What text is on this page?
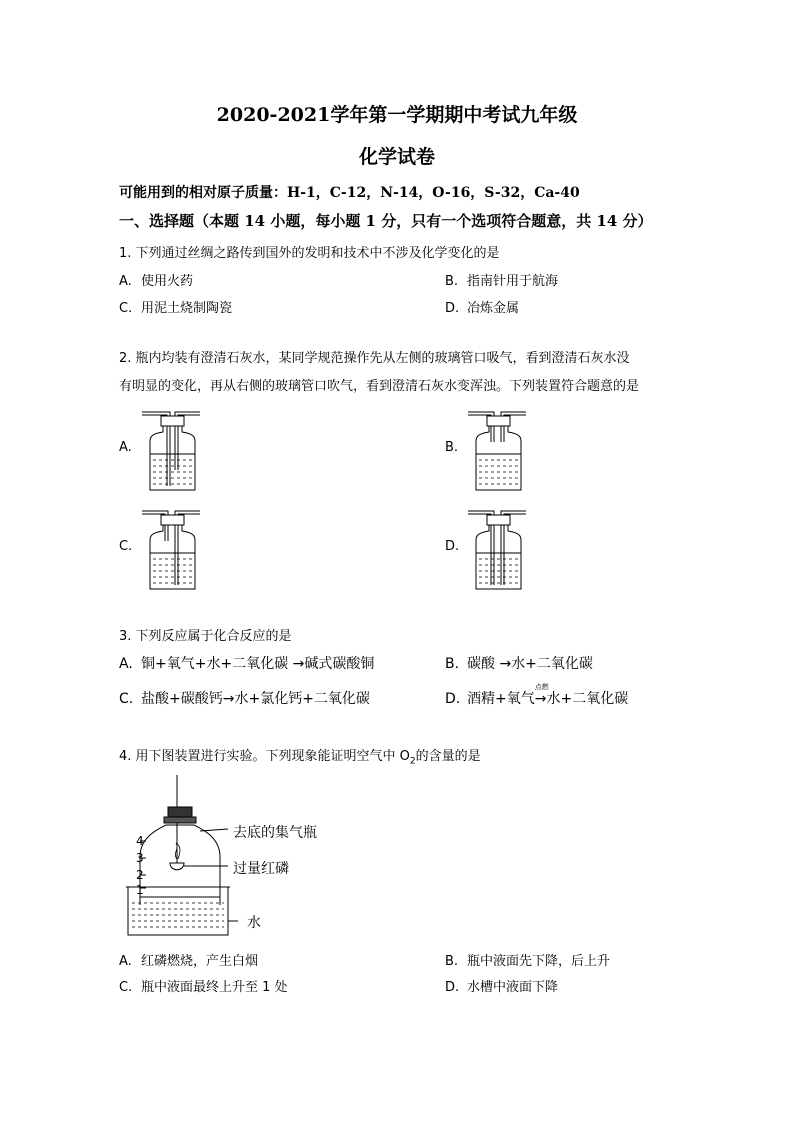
2020-2021学年第一学期期中考试九年级
化学试卷
可能用到的相对原子质量：H-1，C-12，N-14，O-16，S-32，Ca-40
一、选择题（本题 14 小题，每小题 1 分，只有一个选项符合题意，共 14 分）
1. 下列通过丝绸之路传到国外的发明和技术中不涉及化学变化的是
A. 使用火药	B. 指南针用于航海
C. 用泥土烧制陶瓷	D. 冶炼金属
2. 瓶内均装有澄清石灰水，某同学规范操作先从左侧的玻璃管口吸气，看到澄清石灰水没
有明显的变化，再从右侧的玻璃管口吹气，看到澄清石灰水变浑浊。下列装置符合题意的是
A.	B.
C.	D.
3. 下列反应属于化合反应的是
A. 铜+氧气+水+二氧化碳 →碱式碳酸铜	B. 碳酸 →水+二氧化碳
C. 盐酸+碳酸钙→水+氯化钙+二氧化碳	D. 酒精+氧气
点燃
→水+二氧化碳
4. 用下图装置进行实验。下列现象能证明空气中 $O_2$的含量的是
4
3
2
1
去底的集气瓶
过量红磷
水
A. 红磷燃烧，产生白烟	B. 瓶中液面先下降，后上升
C. 瓶中液面最终上升至 1 处	D. 水槽中液面下降
